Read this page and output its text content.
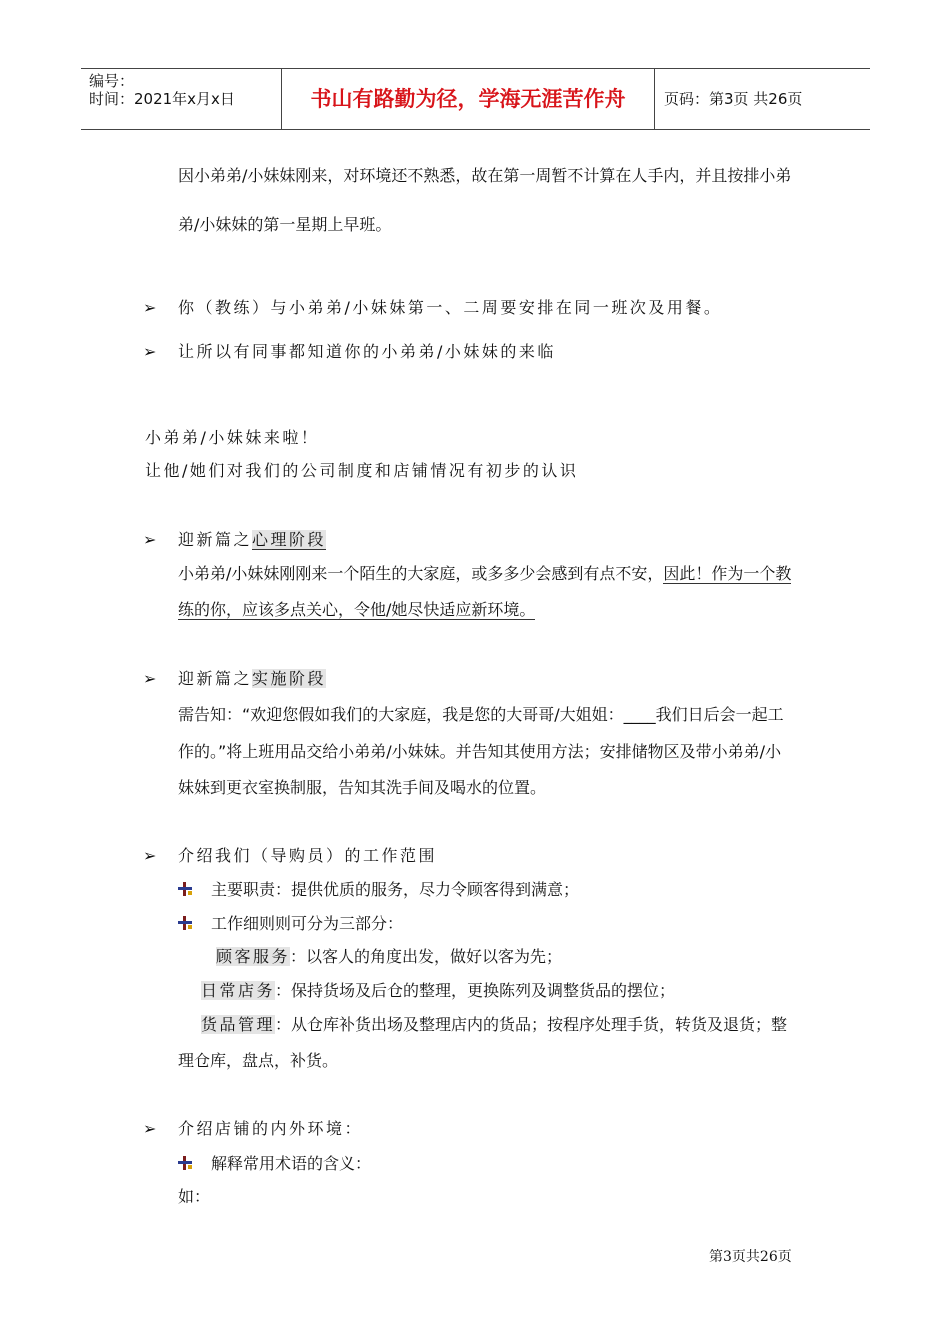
编号：
时间：2021年x月x日	书山有路勤为径，学海无涯苦作舟	页码：第3页 共26页
因小弟弟/小妹妹刚来，对环境还不熟悉，故在第一周暂不计算在人手内，并且按排小弟
弟/小妹妹的第一星期上早班。
➢ 你（教练）与小弟弟/小妹妹第一、二周要安排在同一班次及用餐。
➢ 让所以有同事都知道你的小弟弟/小妹妹的来临
小弟弟/小妹妹来啦！
让他/她们对我们的公司制度和店铺情况有初步的认识
➢ 迎新篇之心理阶段
小弟弟/小妹妹刚刚来一个陌生的大家庭，或多多少会感到有点不安，因此！作为一个教
练的你，应该多点关心，令他/她尽快适应新环境。
➢ 迎新篇之实施阶段
需告知：“欢迎您假如我们的大家庭，我是您的大哥哥/大姐姐：____我们日后会一起工
作的。”将上班用品交给小弟弟/小妹妹。并告知其使用方法；安排储物区及带小弟弟/小
妹妹到更衣室换制服，告知其洗手间及喝水的位置。
➢ 介绍我们（导购员）的工作范围
主要职责：提供优质的服务，尽力令顾客得到满意；
工作细则则可分为三部分：
顾客服务：以客人的角度出发，做好以客为先；
日常店务：保持货场及后仓的整理，更换陈列及调整货品的摆位；
货品管理：从仓库补货出场及整理店内的货品；按程序处理手货，转货及退货；整
理仓库，盘点，补货。
➢ 介绍店铺的内外环境：
解释常用术语的含义：
如：
第3页共26页
